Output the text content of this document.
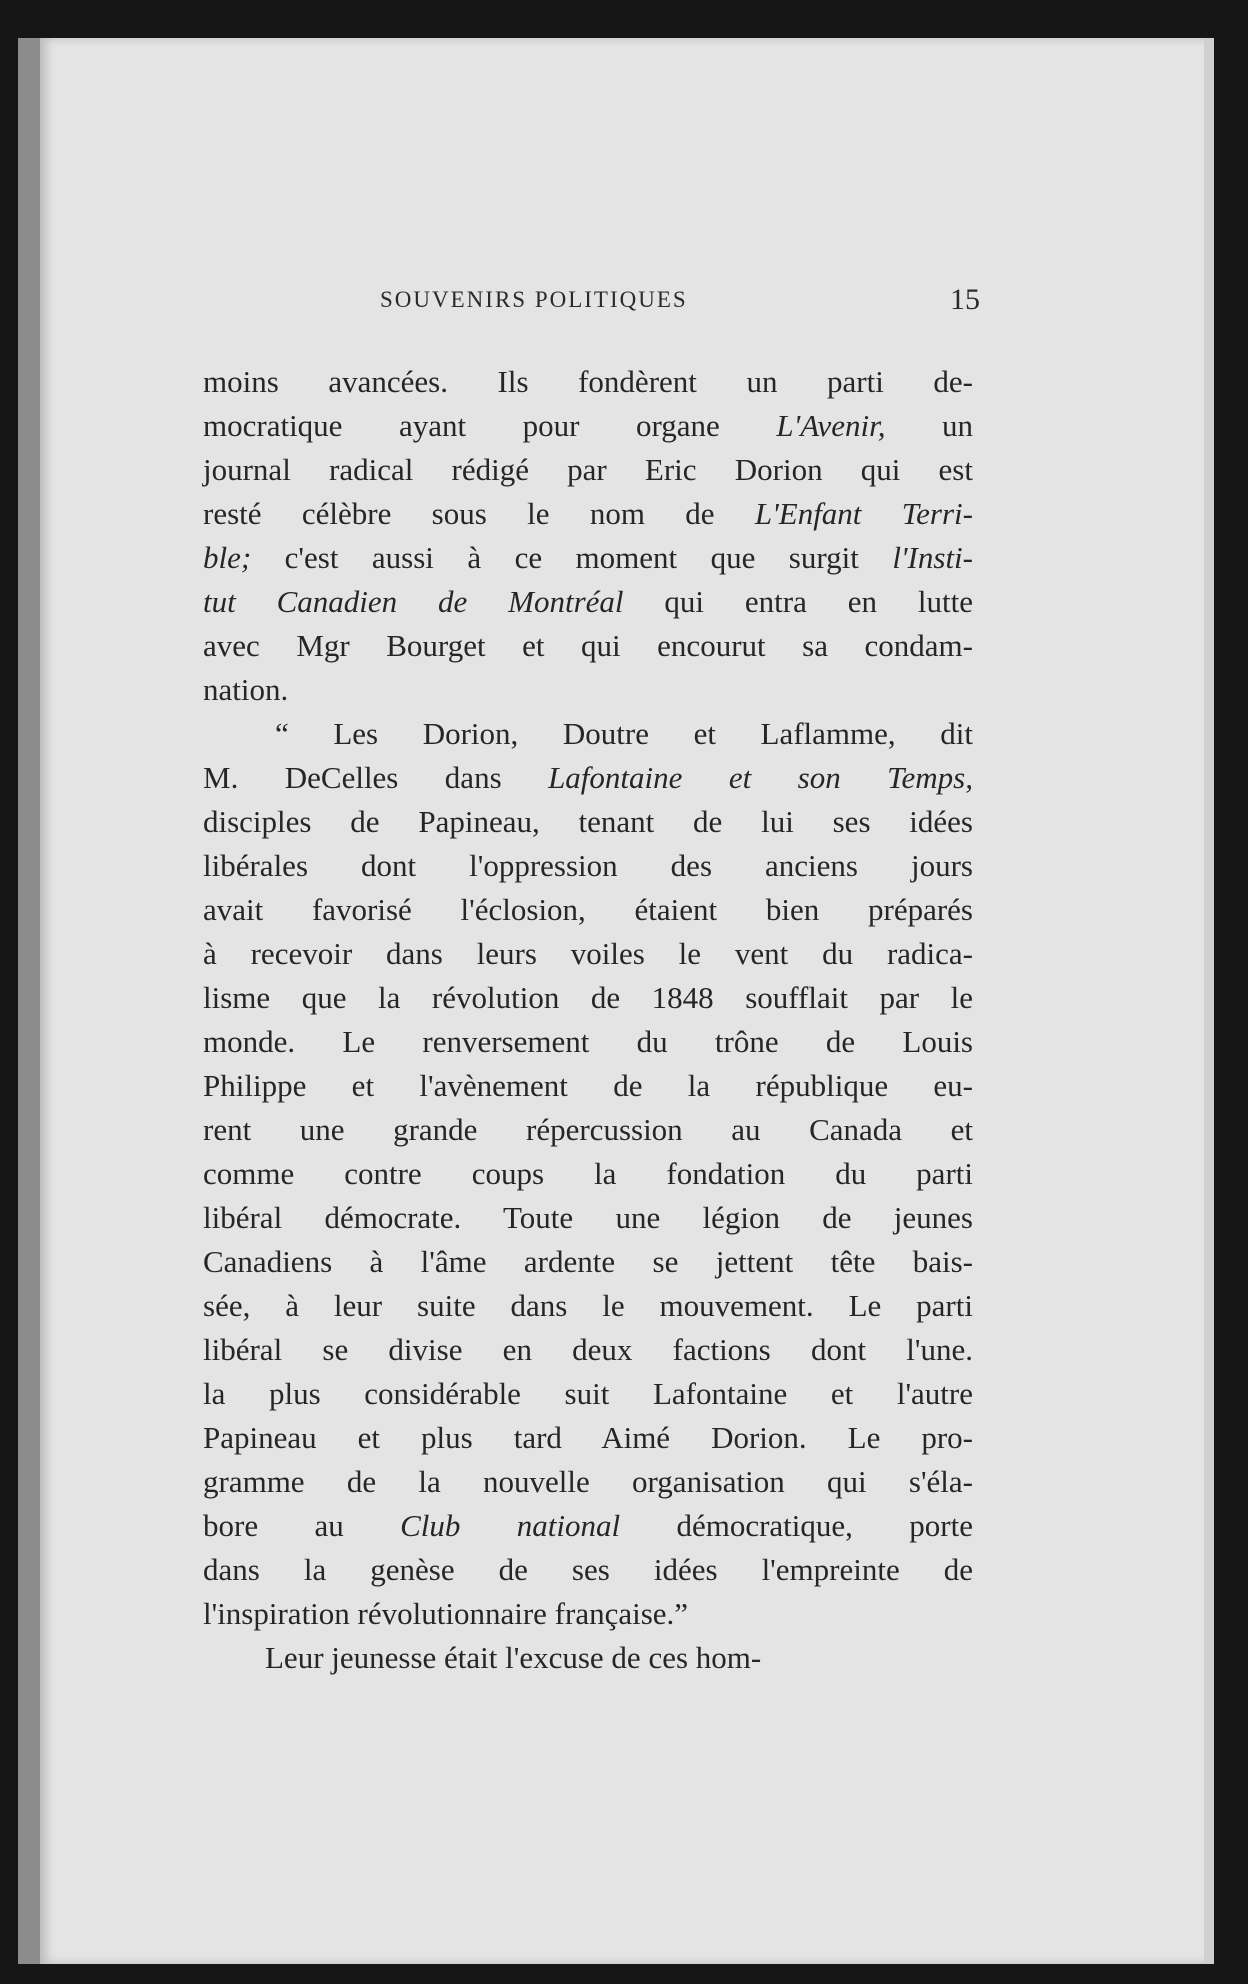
SOUVENIRS POLITIQUES	15
moins avancées. Ils fondèrent un parti de-
mocratique ayant pour organe L'Avenir, un
journal radical rédigé par Eric Dorion qui est
resté célèbre sous le nom de L'Enfant Terri-
ble; c'est aussi à ce moment que surgit l'Insti-
tut Canadien de Montréal qui entra en lutte
avec Mgr Bourget et qui encourut sa condam-
nation.
“ Les Dorion, Doutre et Laflamme, dit
M. DeCelles dans Lafontaine et son Temps,
disciples de Papineau, tenant de lui ses idées
libérales dont l'oppression des anciens jours
avait favorisé l'éclosion, étaient bien préparés
à recevoir dans leurs voiles le vent du radica-
lisme que la révolution de 1848 soufflait par le
monde. Le renversement du trône de Louis
Philippe et l'avènement de la république eu-
rent une grande répercussion au Canada et
comme contre coups la fondation du parti
libéral démocrate. Toute une légion de jeunes
Canadiens à l'âme ardente se jettent tête bais-
sée, à leur suite dans le mouvement. Le parti
libéral se divise en deux factions dont l'une.
la plus considérable suit Lafontaine et l'autre
Papineau et plus tard Aimé Dorion. Le pro-
gramme de la nouvelle organisation qui s'éla-
bore au Club national démocratique, porte
dans la genèse de ses idées l'empreinte de
l'inspiration révolutionnaire française.”
Leur jeunesse était l'excuse de ces hom-
